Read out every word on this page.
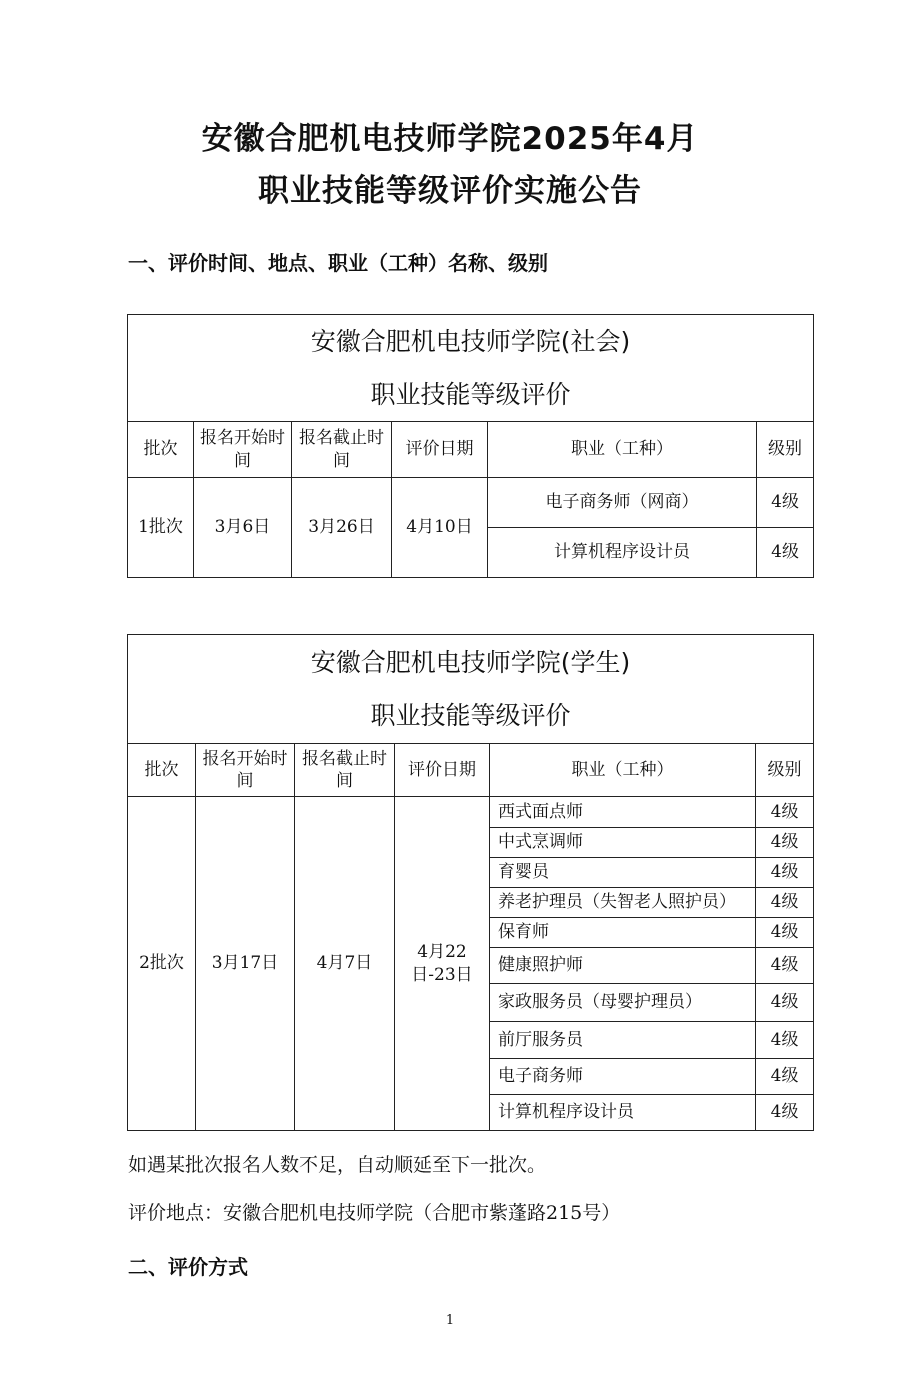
安徽合肥机电技师学院2025年4月
职业技能等级评价实施公告
一、评价时间、地点、职业（工种）名称、级别
安徽合肥机电技师学院(社会)
职业技能等级评价					

批次	报名开始时间	报名截止时间	评价日期	职业（工种）	级别
1批次	3月6日	3月26日	4月10日	电子商务师（网商）	4级
				计算机程序设计员	4级
安徽合肥机电技师学院(学生)
职业技能等级评价					

批次	报名开始时间	报名截止时间	评价日期	职业（工种）	级别
2批次	3月17日	4月7日	4月22日-23日	西式面点师	4级
				中式烹调师	4级
				育婴员	4级
				养老护理员（失智老人照护员）	4级
				保育师	4级
				健康照护师	4级
				家政服务员（母婴护理员）	4级
				前厅服务员	4级
				电子商务师	4级
				计算机程序设计员	4级
如遇某批次报名人数不足，自动顺延至下一批次。
评价地点：安徽合肥机电技师学院（合肥市紫蓬路215号）
二、评价方式
1
